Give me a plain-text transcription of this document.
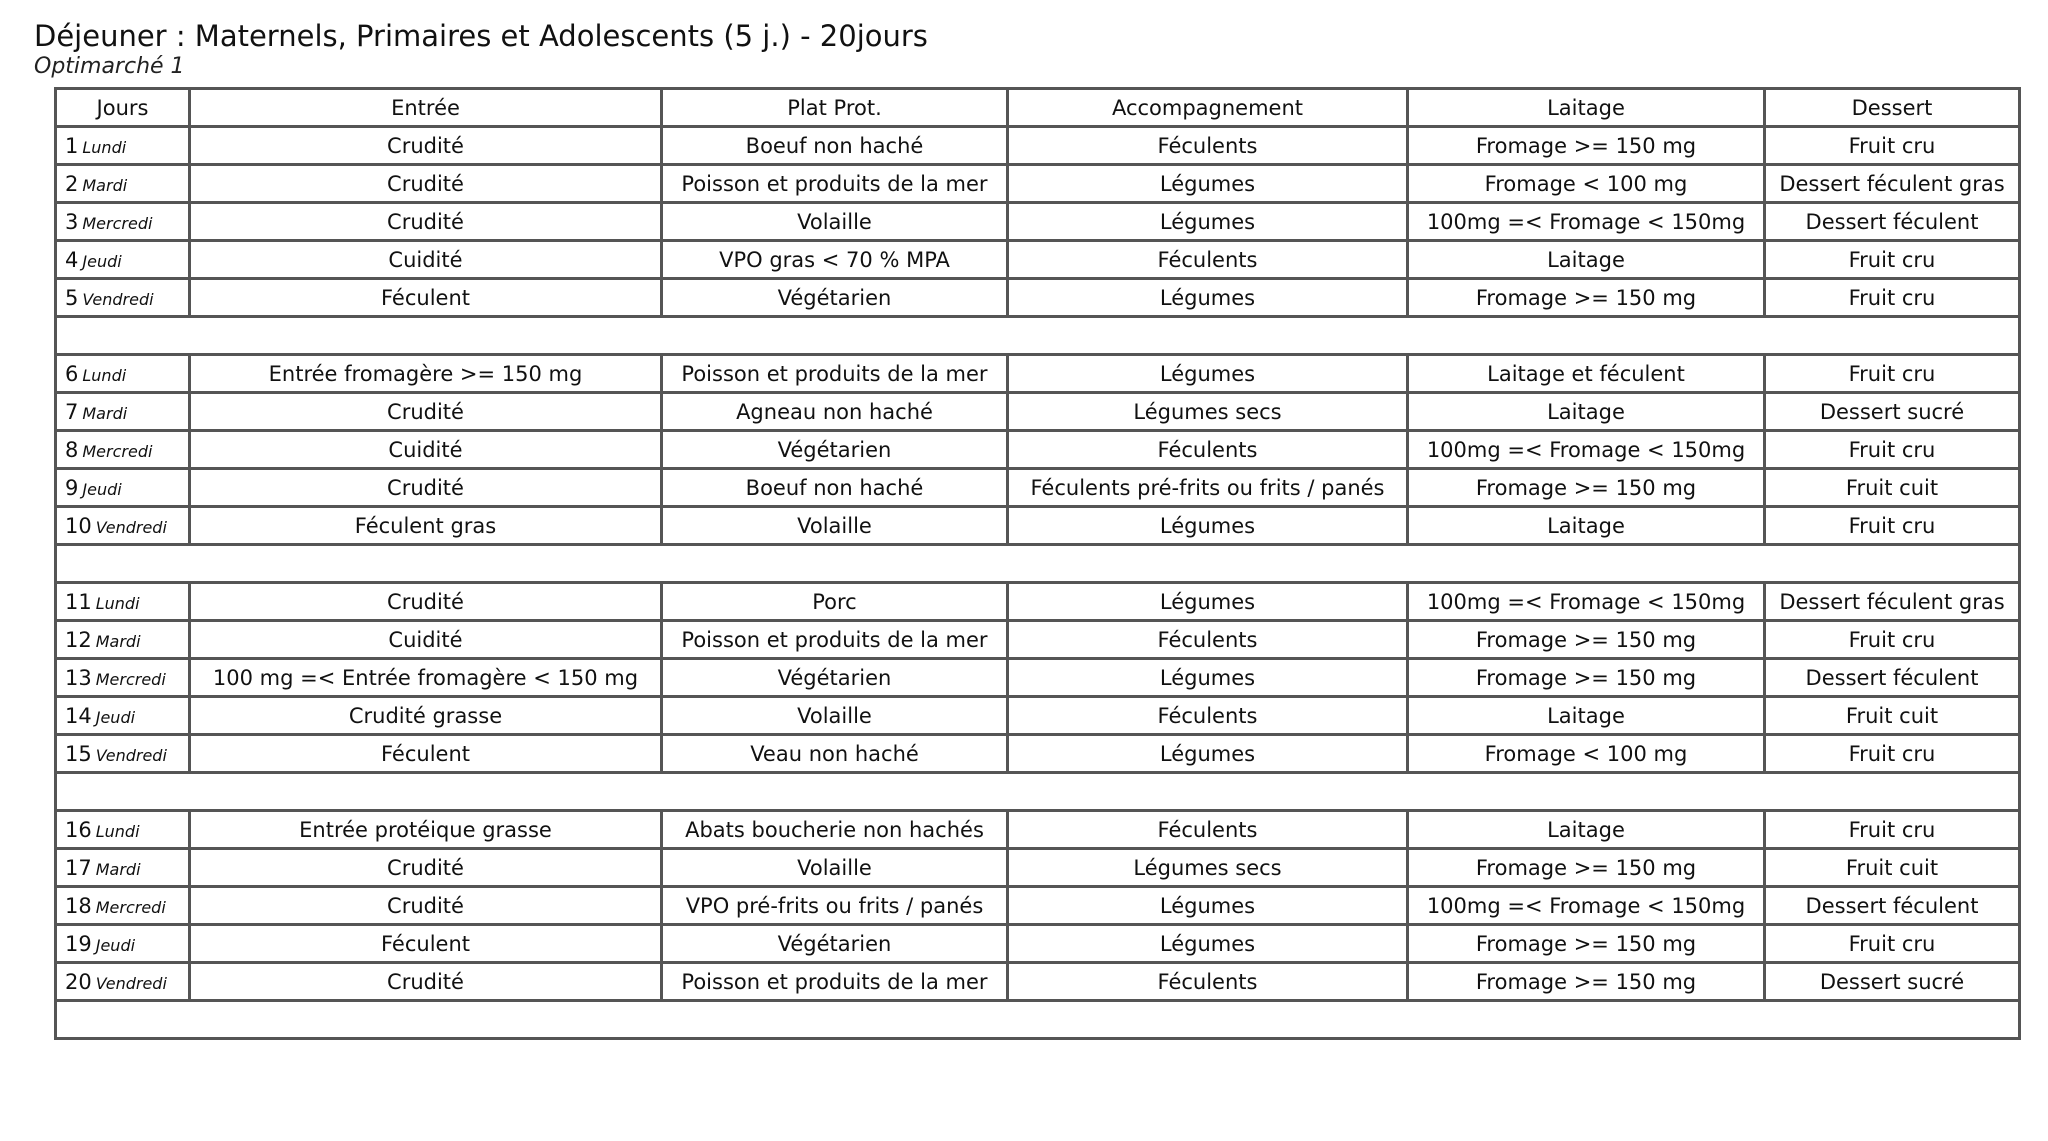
Déjeuner : Maternels, Primaires et Adolescents (5 j.) - 20jours

Optimarché 1

Jours	Entrée	Plat Prot.	Accompagnement	Laitage	Dessert
1 Lundi	Crudité	Boeuf non haché	Féculents	Fromage >= 150 mg	Fruit cru
2 Mardi	Crudité	Poisson et produits de la mer	Légumes	Fromage < 100 mg	Dessert féculent gras
3 Mercredi	Crudité	Volaille	Légumes	100mg =< Fromage < 150mg	Dessert féculent
4 Jeudi	Cuidité	VPO gras < 70 % MPA	Féculents	Laitage	Fruit cru
5 Vendredi	Féculent	Végétarien	Légumes	Fromage >= 150 mg	Fruit cru

6 Lundi	Entrée fromagère >= 150 mg	Poisson et produits de la mer	Légumes	Laitage et féculent	Fruit cru
7 Mardi	Crudité	Agneau non haché	Légumes secs	Laitage	Dessert sucré
8 Mercredi	Cuidité	Végétarien	Féculents	100mg =< Fromage < 150mg	Fruit cru
9 Jeudi	Crudité	Boeuf non haché	Féculents pré-frits ou frits / panés	Fromage >= 150 mg	Fruit cuit
10 Vendredi	Féculent gras	Volaille	Légumes	Laitage	Fruit cru

11 Lundi	Crudité	Porc	Légumes	100mg =< Fromage < 150mg	Dessert féculent gras
12 Mardi	Cuidité	Poisson et produits de la mer	Féculents	Fromage >= 150 mg	Fruit cru
13 Mercredi	100 mg =< Entrée fromagère < 150 mg	Végétarien	Légumes	Fromage >= 150 mg	Dessert féculent
14 Jeudi	Crudité grasse	Volaille	Féculents	Laitage	Fruit cuit
15 Vendredi	Féculent	Veau non haché	Légumes	Fromage < 100 mg	Fruit cru

16 Lundi	Entrée protéique grasse	Abats boucherie non hachés	Féculents	Laitage	Fruit cru
17 Mardi	Crudité	Volaille	Légumes secs	Fromage >= 150 mg	Fruit cuit
18 Mercredi	Crudité	VPO pré-frits ou frits / panés	Légumes	100mg =< Fromage < 150mg	Dessert féculent
19 Jeudi	Féculent	Végétarien	Légumes	Fromage >= 150 mg	Fruit cru
20 Vendredi	Crudité	Poisson et produits de la mer	Féculents	Fromage >= 150 mg	Dessert sucré
